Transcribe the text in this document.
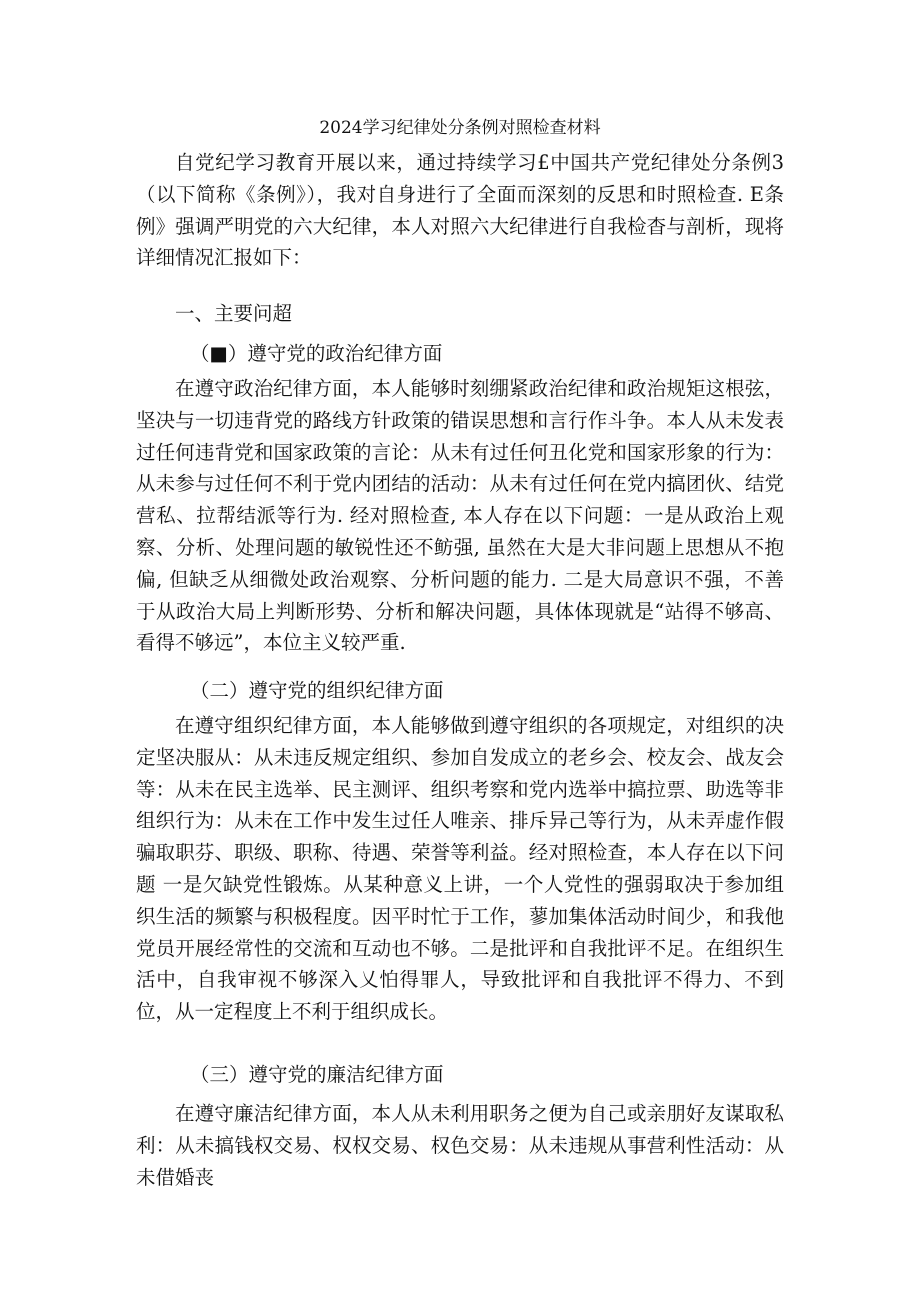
2024学习纪律处分条例对照检查材料

自党纪学习教育开展以来，通过持续学习£中国共产党纪律处分条例3（以下简称《条例》），我对自身进行了全面而深刻的反思和时照检查. E条例》强调严明党的六大纪律，本人对照六大纪律进行自我检杳与剖析，现将详细情况汇报如下：

一、主要问超
（■）遵守党的政治纪律方面

在遵守政治纪律方面，本人能够时刻绷紧政治纪律和政治规矩这根弦，坚决与一切违背党的路线方针政策的错误思想和言行作斗争。本人从未发表过任何违背党和国家政策的言论：从未有过任何丑化党和国家形象的行为：从未参与过任何不利于党内团结的活动：从未有过任何在党内搞团伙、结党营私、拉帮结派等行为. 经对照检查, 本人存在以下问题：一是从政治上观察、分析、处理问题的敏锐性还不鲂强, 虽然在大是大非问题上思想从不抱偏, 但缺乏从细微处政治观察、分析问题的能力. 二是大局意识不强，不善于从政治大局上判断形势、分析和解决问题，具体体现就是“站得不够高、看得不够远”，本位主义较严重.

（二）遵守党的组织纪律方面

在遵守组织纪律方面，本人能够做到遵守组织的各项规定，对组织的决定坚决服从：从未违反规定组织、参加自发成立的老乡会、校友会、战友会等：从未在民主选举、民主测评、组织考察和党内选举中搞拉票、助选等非组织行为：从未在工作中发生过任人唯亲、排斥异己等行为，从未弄虚作假骗取职芬、职级、职称、待遇、荣誉等利益。经对照检查，本人存在以下问题 一是欠缺党性锻炼。从某种意义上讲，一个人党性的强弱取决于参加组织生活的频繁与积极程度。因平时忙于工作，蓼加集体活动时间少，和我他党员开展经常性的交流和互动也不够。二是批评和自我批评不足。在组织生活中，自我审视不够深入乂怕得罪人，导致批评和自我批评不得力、不到位，从一定程度上不利于组织成长。

（三）遵守党的廉洁纪律方面

在遵守廉洁纪律方面，本人从未利用职务之便为自己或亲朋好友谋取私利：从未搞钱权交易、权权交易、权色交易：从未违规从事营利性活动：从未借婚丧
